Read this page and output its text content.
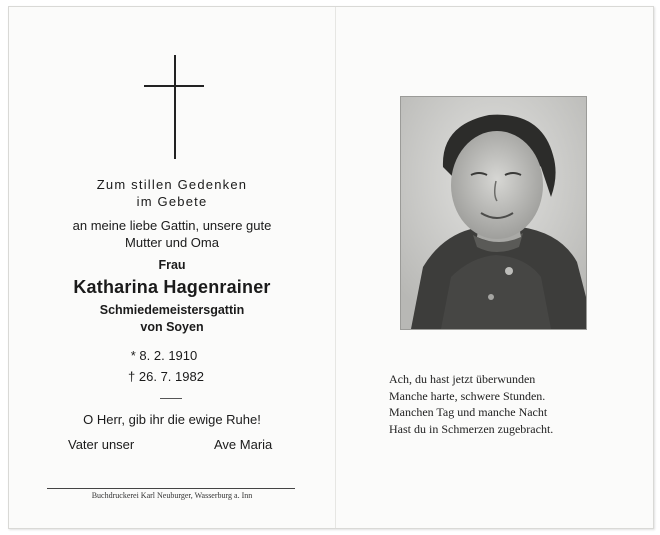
Zum stillen Gedenken
im Gebete
an meine liebe Gattin, unsere gute
Mutter und Oma
Frau
Katharina Hagenrainer
Schmiedemeistersgattin
von Soyen
* 8. 2. 1910
† 26. 7. 1982
O Herr, gib ihr die ewige Ruhe!
Vater unser	Ave Maria
Buchdruckerei Karl Neuburger, Wasserburg a. Inn
Ach, du hast jetzt überwunden
Manche harte, schwere Stunden.
Manchen Tag und manche Nacht
Hast du in Schmerzen zugebracht.
